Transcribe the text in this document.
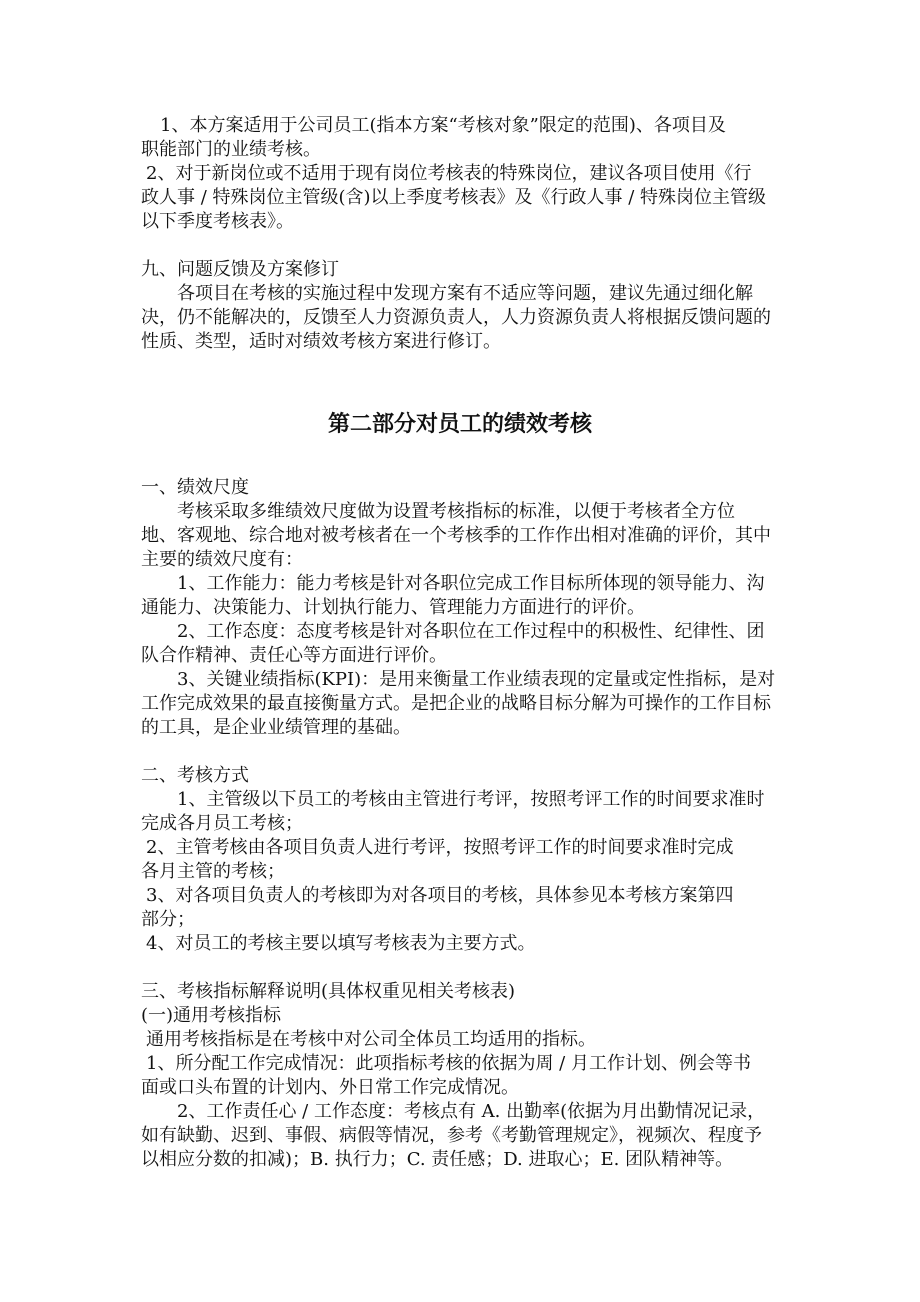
1、本方案适用于公司员工(指本方案“考核对象”限定的范围)、各项目及

职能部门的业绩考核。

2、对于新岗位或不适用于现有岗位考核表的特殊岗位，建议各项目使用《行

政人事 / 特殊岗位主管级(含)以上季度考核表》及《行政人事 / 特殊岗位主管级

以下季度考核表》。

九、问题反馈及方案修订

各项目在考核的实施过程中发现方案有不适应等问题，建议先通过细化解

决，仍不能解决的，反馈至人力资源负责人，人力资源负责人将根据反馈问题的

性质、类型，适时对绩效考核方案进行修订。

第二部分对员工的绩效考核

一、绩效尺度

考核采取多维绩效尺度做为设置考核指标的标准，以便于考核者全方位

地、客观地、综合地对被考核者在一个考核季的工作作出相对准确的评价，其中

主要的绩效尺度有：

1、工作能力：能力考核是针对各职位完成工作目标所体现的领导能力、沟

通能力、决策能力、计划执行能力、管理能力方面进行的评价。

2、工作态度：态度考核是针对各职位在工作过程中的积极性、纪律性、团

队合作精神、责任心等方面进行评价。

3、关键业绩指标(KPI)：是用来衡量工作业绩表现的定量或定性指标，是对

工作完成效果的最直接衡量方式。是把企业的战略目标分解为可操作的工作目标

的工具，是企业业绩管理的基础。

二、考核方式

1、主管级以下员工的考核由主管进行考评，按照考评工作的时间要求准时

完成各月员工考核；

2、主管考核由各项目负责人进行考评，按照考评工作的时间要求准时完成

各月主管的考核；

3、对各项目负责人的考核即为对各项目的考核，具体参见本考核方案第四

部分；

4、对员工的考核主要以填写考核表为主要方式。

三、考核指标解释说明(具体权重见相关考核表)

(一)通用考核指标

通用考核指标是在考核中对公司全体员工均适用的指标。

1、所分配工作完成情况：此项指标考核的依据为周 / 月工作计划、例会等书

面或口头布置的计划内、外日常工作完成情况。

2、工作责任心 / 工作态度：考核点有 A. 出勤率(依据为月出勤情况记录，

如有缺勤、迟到、事假、病假等情况，参考《考勤管理规定》，视频次、程度予

以相应分数的扣减)；B. 执行力；C. 责任感；D. 进取心；E. 团队精神等。
